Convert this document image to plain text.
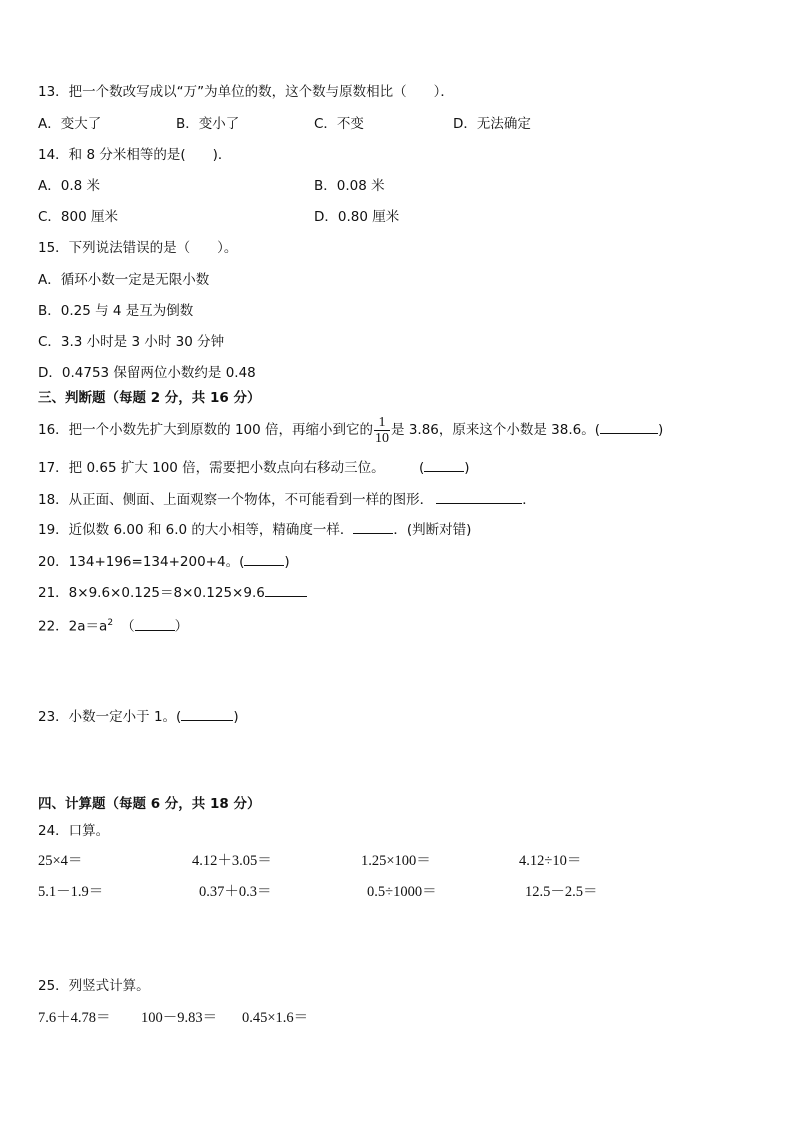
13．把一个数改写成以“万”为单位的数，这个数与原数相比（　　）．
A．变大了	B．变小了	C．不变	D．无法确定
14．和 8 分米相等的是(　　)．
A．0.8 米	B．0.08 米
C．800 厘米	D．0.80 厘米
15．下列说法错误的是（　　）。
A．循环小数一定是无限小数
B．0.25 与 4 是互为倒数
C．3.3 小时是 3 小时 30 分钟
D．0.4753 保留两位小数约是 0.48
三、判断题（每题 2 分，共 16 分）
16．把一个小数先扩大到原数的 100 倍，再缩小到它的 $\frac{1}{10}$ 是 3.86，原来这个小数是 38.6。(	)
17．把 0.65 扩大 100 倍，需要把小数点向右移动三位。	(	)
18．从正面、侧面、上面观察一个物体，不可能看到一样的图形．	．
19．近似数 6.00 和 6.0 的大小相等，精确度一样．	．(判断对错)
20．134+196=134+200+4。(	)
21．8×9.6×0.125＝8×0.125×9.6
22．$2a=a^2$ （	）
23．小数一定小于 1。(	)
四、计算题（每题 6 分，共 18 分）
24．口算。
25×4＝	4.12＋3.05＝	1.25×100＝	4.12÷10＝
5.1－1.9＝	0.37＋0.3＝	0.5÷1000＝	12.5－2.5＝
25．列竖式计算。
7.6＋4.78＝ 100－9.83＝ 0.45×1.6＝
